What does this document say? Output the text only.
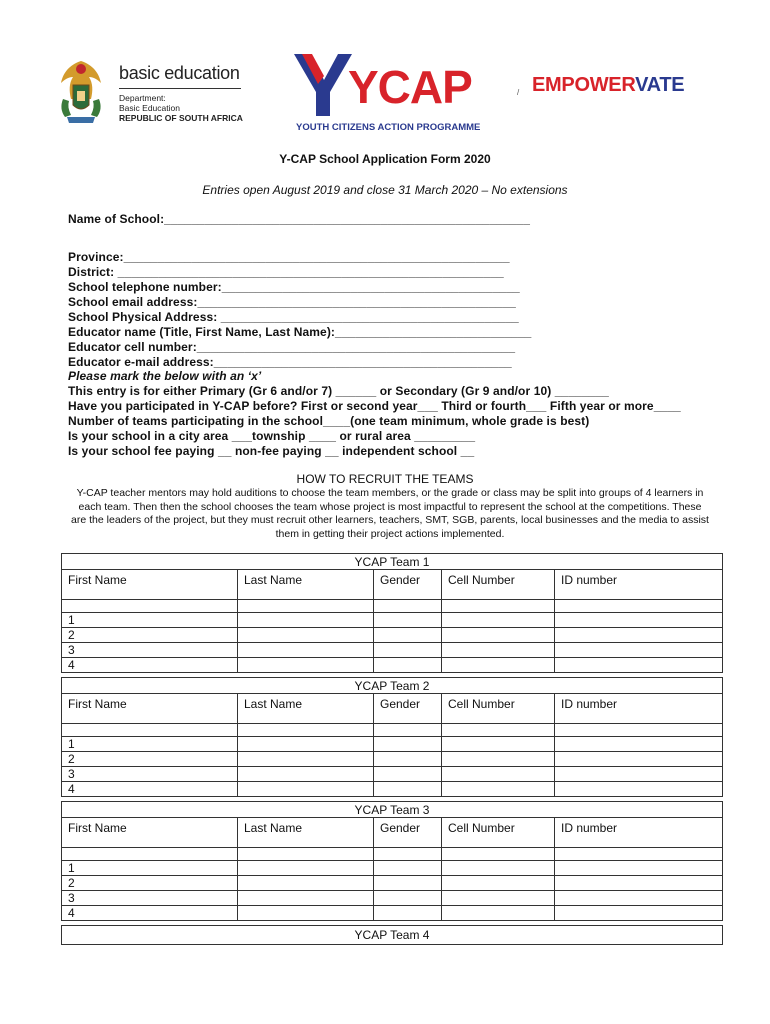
basic education
Department:
Basic Education
REPUBLIC OF SOUTH AFRICA
YCAP
YOUTH CITIZENS ACTION PROGRAMME
/ EMPOWERVATE
Y-CAP School Application Form 2020
Entries open August 2019 and close 31 March 2020 – No extensions
Name of School:______________________________________________________
Province:_________________________________________________________
District: _________________________________________________________
School telephone number:____________________________________________
School email address:_______________________________________________
School Physical Address: ____________________________________________
Educator name (Title, First Name, Last Name):_____________________________
Educator cell number:_______________________________________________
Educator e-mail address:____________________________________________
Please mark the below with an ‘x’
This entry is for either Primary (Gr 6 and/or 7) ______ or Secondary (Gr 9 and/or 10) ________
Have you participated in Y-CAP before? First or second year___ Third or fourth___ Fifth year or more____
Number of teams participating in the school____(one team minimum, whole grade is best)
Is your school in a city area ___township ____ or rural area _________
Is your school fee paying __ non-fee paying __ independent school __
HOW TO RECRUIT THE TEAMS
Y-CAP teacher mentors may hold auditions to choose the team members, or the grade or class may be split into groups of 4 learners in each team. Then then the school chooses the team whose project is most impactful to represent the school at the competitions. These are the leaders of the project, but they must recruit other learners, teachers, SMT, SGB, parents, local businesses and the media to assist them in getting their project actions implemented.
YCAP Team 1				
First Name	Last Name	Gender	Cell Number	ID number

1				
2				
3				
4				
YCAP Team 2				
First Name	Last Name	Gender	Cell Number	ID number

1				
2				
3				
4				
YCAP Team 3				
First Name	Last Name	Gender	Cell Number	ID number

1				
2				
3				
4				
YCAP Team 4
